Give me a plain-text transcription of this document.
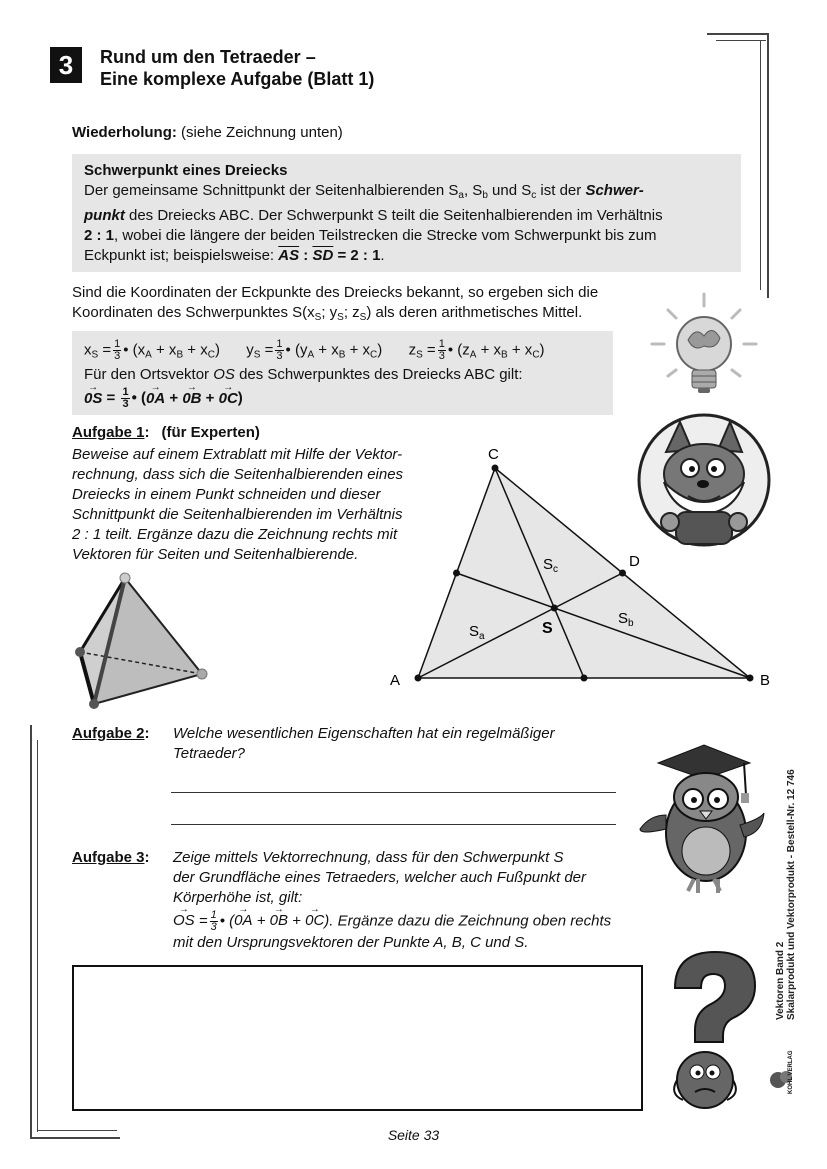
3	Rund um den Tetraeder –
Eine komplexe Aufgabe (Blatt 1)
Wiederholung: (siehe Zeichnung unten)
Schwerpunkt eines Dreiecks
Der gemeinsame Schnittpunkt der Seitenhalbierenden $S_a$, $S_b$ und $S_c$ ist der Schwer-
punkt des Dreiecks ABC. Der Schwerpunkt S teilt die Seitenhalbierenden im Verhältnis
2 : 1, wobei die längere der beiden Teilstrecken die Strecke vom Schwerpunkt bis zum
Eckpunkt ist; beispielsweise: $\overline{AS}$ : $\overline{SD} = 2$ : 1.
Sind die Koordinaten der Eckpunkte des Dreiecks bekannt, so ergeben sich die
Koordinaten des Schwerpunktes $S(x_S$; $y_S$; $z_S$) als deren arithmetisches Mittel.
$x_S = \frac{1}{3}$ • $(x_A + x_B + x_C) y_S = \frac{1}{3}$ • $(y_A + x_B + x_C) z_S = \frac{1}{3}$ • $(z_A + x_B + x_C)$
Für den Ortsvektor OS des Schwerpunktes des Dreiecks ABC gilt:
→ $0S = \frac{1}{3}$ • (→ 0A + → 0B + → 0C)
Aufgabe 1: (für Experten)
Beweise auf einem Extrablatt mit Hilfe der Vektor-
rechnung, dass sich die Seitenhalbierenden eines
Dreiecks in einem Punkt schneiden und dieser
Schnittpunkt die Seitenhalbierenden im Verhältnis
2 : 1 teilt. Ergänze dazu die Zeichnung rechts mit
Vektoren für Seiten und Seitenhalbierende.
A	B
C
D
S
$S_a$
$S_b$
$S_c$
Aufgabe 2:	Welche wesentlichen Eigenschaften hat ein regelmäßiger
Tetraeder?
Aufgabe 3: Zeige mittels Vektorrechnung, dass für den Schwerpunkt S
der Grundfläche eines Tetraeders, welcher auch Fußpunkt der
Körperhöhe ist, gilt:
→ OS = $\frac{1}{3}$ • (→ 0A + → 0B + → 0C). Ergänze dazu die Zeichnung oben rechts
mit den Ursprungsvektoren der Punkte A, B, C und S.	Vektoren Band 2 Skalarprodukt und Vektorprodukt - Bestell-Nr. 12 746
KOHL VERLAG
Seite 33
